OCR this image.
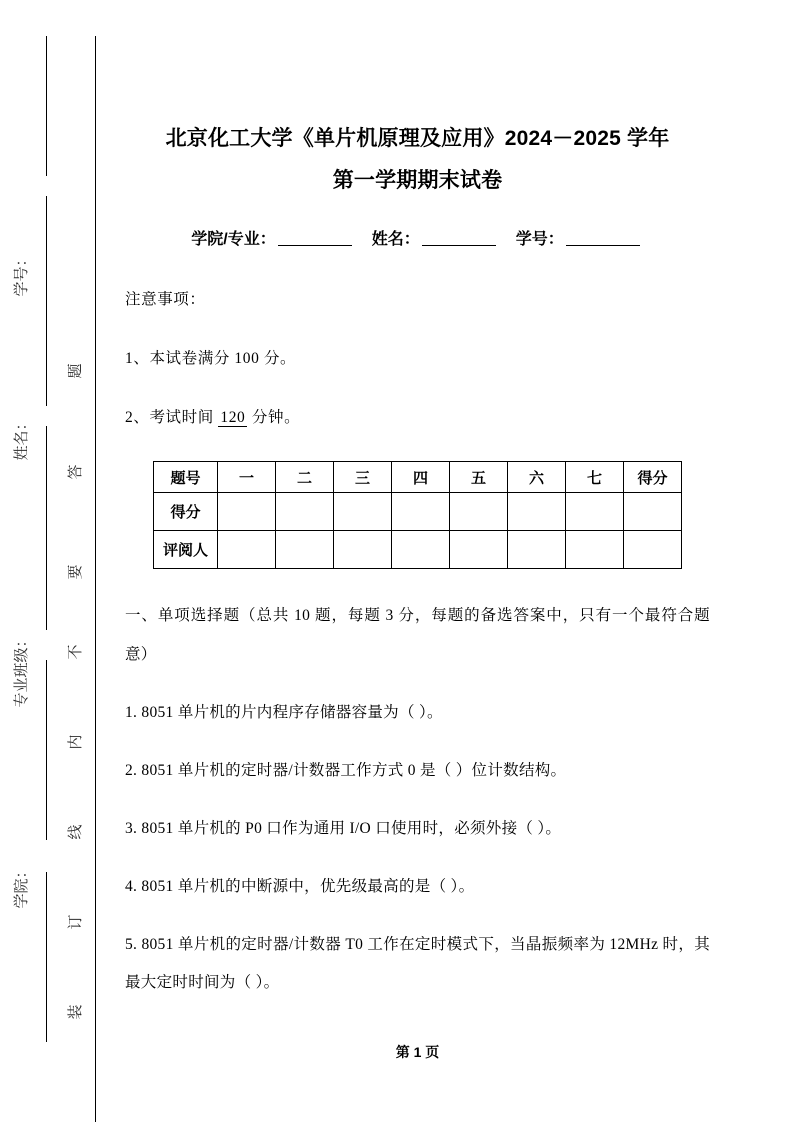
题
答
要
不
内
线
订
装
学号：
姓名：
专业班级：
学院：
北京化工大学《单片机原理及应用》2024－2025 学年
第一学期期末试卷
学院/专业：	姓名：	学号：
注意事项：
1、本试卷满分 100 分。
2、考试时间 120 分钟。
题号	一	二	三	四	五	六	七	得分
得分								
评阅人								
一、单项选择题（总共 10 题，每题 3 分，每题的备选答案中，只有一个最符合题意）
1. 8051 单片机的片内程序存储器容量为（ ）。
2. 8051 单片机的定时器/计数器工作方式 0 是（ ）位计数结构。
3. 8051 单片机的 P0 口作为通用 I/O 口使用时，必须外接（ ）。
4. 8051 单片机的中断源中，优先级最高的是（ ）。
5. 8051 单片机的定时器/计数器 T0 工作在定时模式下，当晶振频率为 12MHz 时，其最大定时时间为（ ）。
第 1 页
